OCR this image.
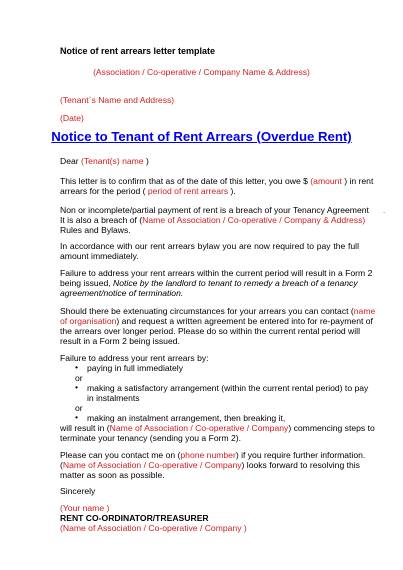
Notice of rent arrears letter template
(Association / Co-operative / Company Name & Address)
(Tenant`s Name and Address)
(Date)
Notice to Tenant of Rent Arrears (Overdue Rent)
Dear (Tenant(s) name )
This letter is to confirm that as of the date of this letter, you owe $ (amount ) in rent
arrears for the period ( period of rent arrears ).
Non or incomplete/partial payment of rent is a breach of your Tenancy Agreement .
It is also a breach of (Name of Association / Co-operative / Company & Address)
Rules and Bylaws.
In accordance with our rent arrears bylaw you are now required to pay the full
amount immediately.
Failure to address your rent arrears within the current period will result in a Form 2
being issued, Notice by the landlord to tenant to remedy a breach of a tenancy
agreement/notice of termination.
Should there be extenuating circumstances for your arrears you can contact (name
of organisation) and request a written agreement be entered into for re-payment of
the arrears over longer period. Please do so within the current rental period will
result in a Form 2 being issued.
Failure to address your rent arrears by:
• paying in full immediately
or
• making a satisfactory arrangement (within the current rental period) to pay
in instalments
or
• making an instalment arrangement, then breaking it,
will result in (Name of Association / Co-operative / Company) commencing steps to
terminate your tenancy (sending you a Form 2).
Please can you contact me on (phone number) if you require further information.
(Name of Association / Co-operative / Company) looks forward to resolving this
matter as soon as possible.
Sincerely
(Your name )
RENT CO-ORDINATOR/TREASURER
(Name of Association / Co-operative / Company )
